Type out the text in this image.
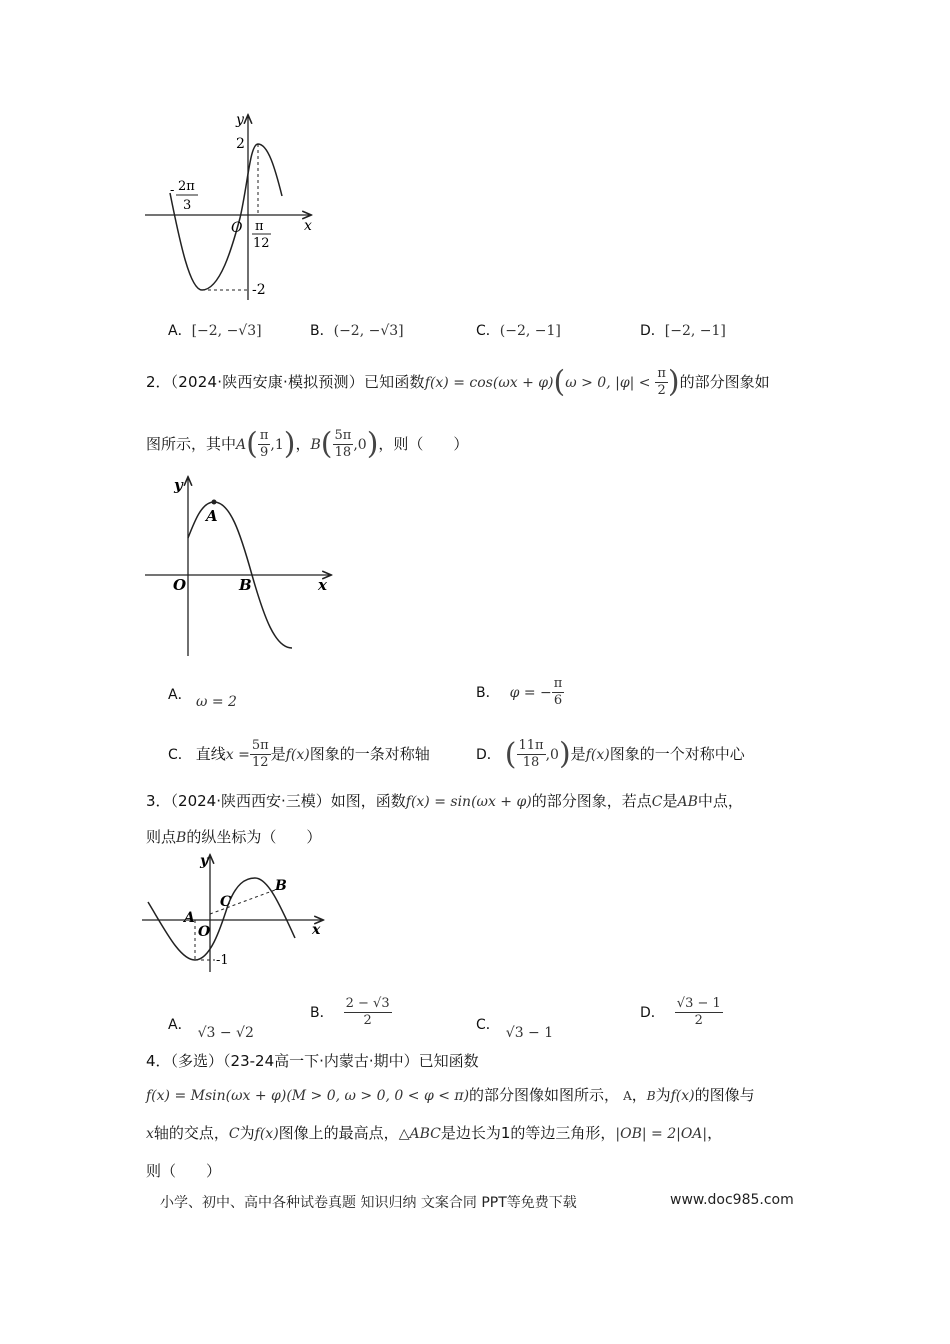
y
x
O
2
-2
- 2π
3
π
12
A．[−2, −√3]	B．(−2, −√3]	C．(−2, −1]	D．[−2, −1]
2．（2024·陕西安康·模拟预测）已知函数f(x) = cos(ωx + φ)(ω > 0, $|\varphi| < \frac{\pi}{2}$ )的部分图象如
图所示，其中$A( \frac{\pi}{9} ,1)$，$B( \frac{5\pi}{18} ,0)$，则（　　）
y
x
O
A
B
A． ω = 2
B． φ = − $\frac{\pi}{6}$
C． 直线$x = \frac{5\pi}{12}$ 是f(x)图象的一条对称轴	D． ( $\frac{11\pi}{18} ,0$)是f(x)图象的一个对称中心
3．（2024·陕西西安·三模）如图，函数f(x) = sin(ωx + φ)的部分图象，若点C是AB中点，
则点B的纵坐标为（　　）
y
x
O
A
C
B
-1
A． √3 − √2
B． $\frac{2 - √3}{2}$	C． √3 − 1
D． $\frac{√3 - 1}{2}$
4．（多选）（23-24高一下·内蒙古·期中）已知函数
f(x) = Msin(ωx + φ)(M > 0, ω > 0, 0 < φ < π)的部分图像如图所示， A，B为f(x)的图像与
x轴的交点，C为f(x)图像上的最高点，△ABC是边长为1的等边三角形，|OB| = 2|OA|，
则（　　）
小学、初中、高中各种试卷真题 知识归纳 文案合同 PPT等免费下载	www.doc985.com
